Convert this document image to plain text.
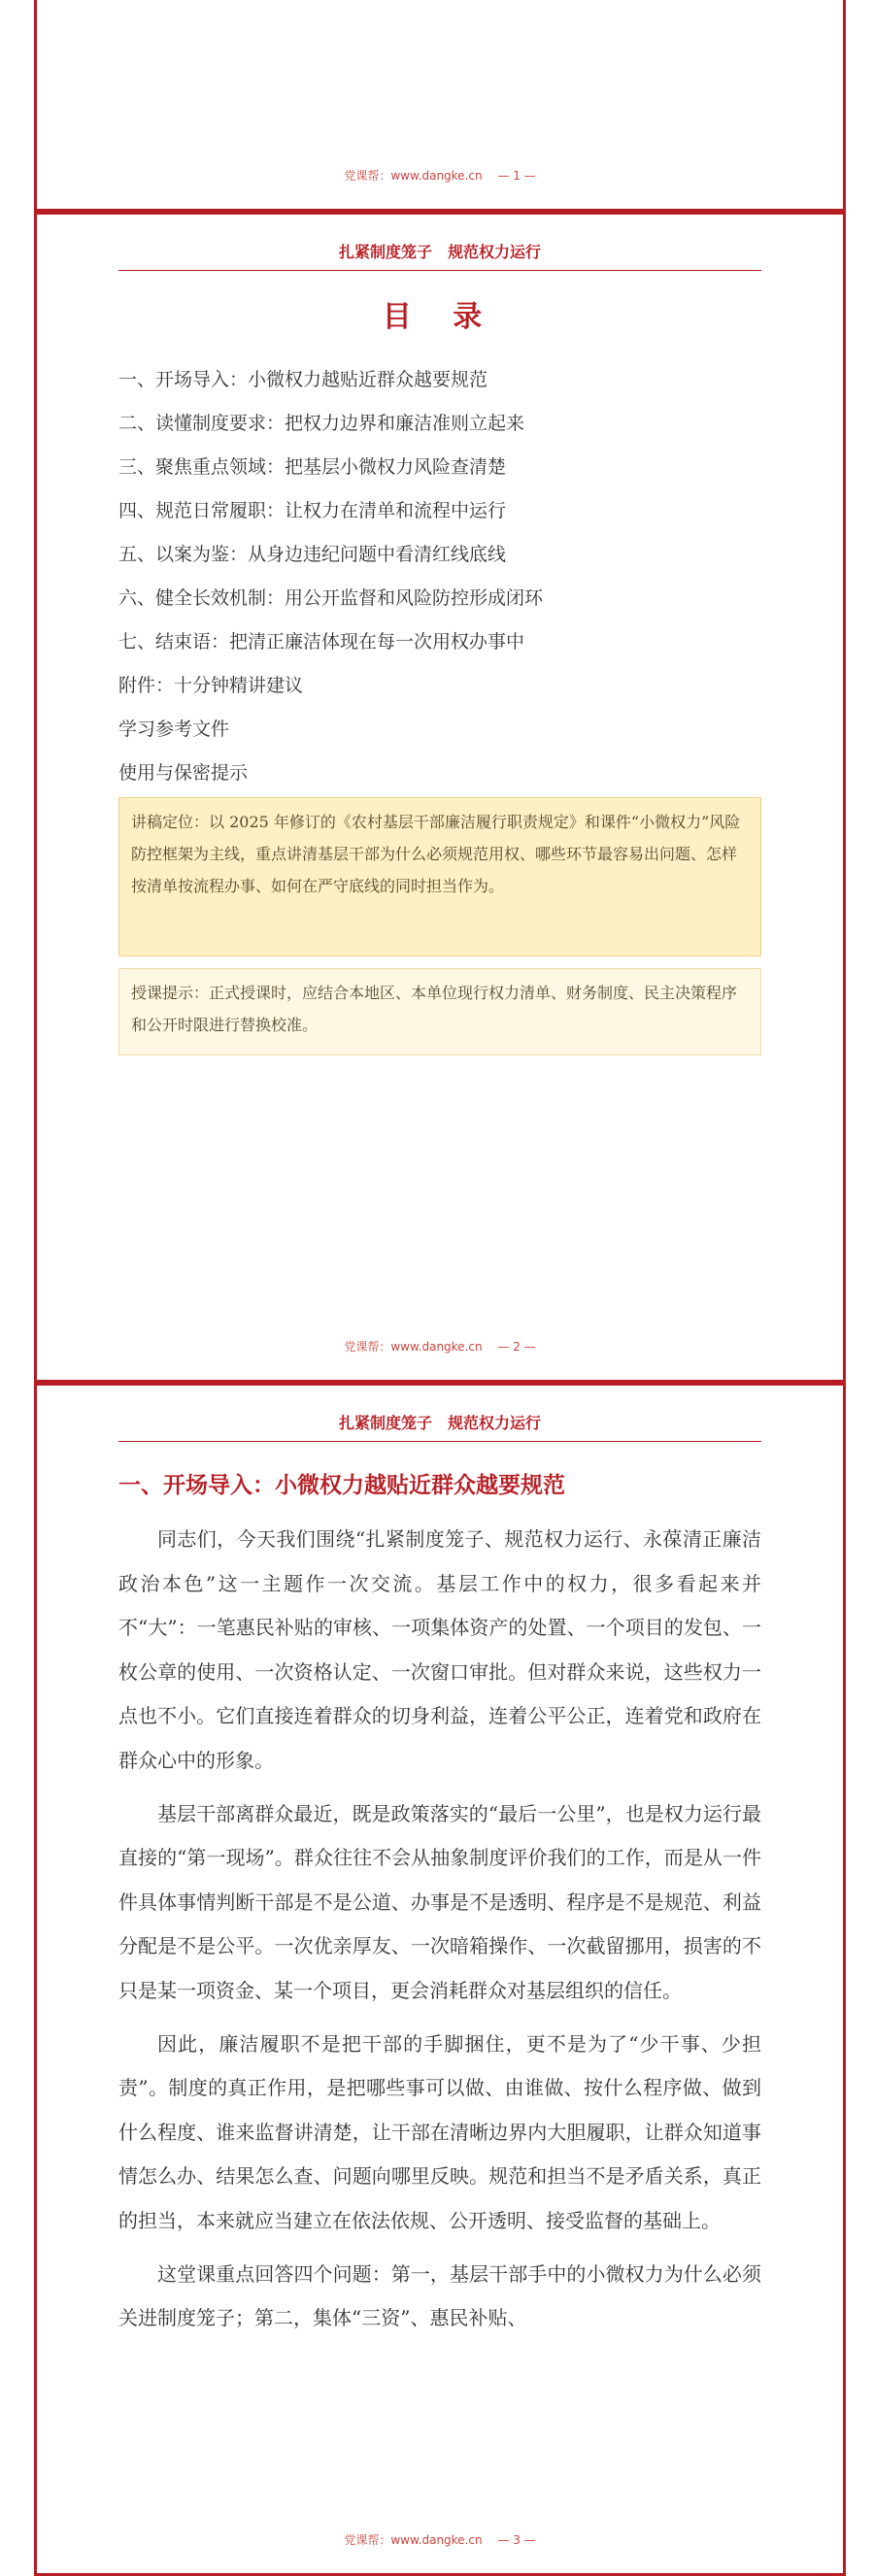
党课帮：www.dangke.cn — 1 —
扎紧制度笼子　规范权力运行
目 录
一、开场导入：小微权力越贴近群众越要规范
二、读懂制度要求：把权力边界和廉洁准则立起来
三、聚焦重点领域：把基层小微权力风险查清楚
四、规范日常履职：让权力在清单和流程中运行
五、以案为鉴：从身边违纪问题中看清红线底线
六、健全长效机制：用公开监督和风险防控形成闭环
七、结束语：把清正廉洁体现在每一次用权办事中
附件：十分钟精讲建议
学习参考文件
使用与保密提示
讲稿定位：以 2025 年修订的《农村基层干部廉洁履行职责规定》和课件“小微权力”风险防控框架为主线，重点讲清基层干部为什么必须规范用权、哪些环节最容易出问题、怎样按清单按流程办事、如何在严守底线的同时担当作为。
授课提示：正式授课时，应结合本地区、本单位现行权力清单、财务制度、民主决策程序和公开时限进行替换校准。
党课帮：www.dangke.cn — 2 —
扎紧制度笼子　规范权力运行
一、开场导入：小微权力越贴近群众越要规范

同志们，今天我们围绕“扎紧制度笼子、规范权力运行、永葆清正廉洁政治本色”这一主题作一次交流。基层工作中的权力，很多看起来并不“大”：一笔惠民补贴的审核、一项集体资产的处置、一个项目的发包、一枚公章的使用、一次资格认定、一次窗口审批。但对群众来说，这些权力一点也不小。它们直接连着群众的切身利益，连着公平公正，连着党和政府在群众心中的形象。

基层干部离群众最近，既是政策落实的“最后一公里”，也是权力运行最直接的“第一现场”。群众往往不会从抽象制度评价我们的工作，而是从一件件具体事情判断干部是不是公道、办事是不是透明、程序是不是规范、利益分配是不是公平。一次优亲厚友、一次暗箱操作、一次截留挪用，损害的不只是某一项资金、某一个项目，更会消耗群众对基层组织的信任。

因此，廉洁履职不是把干部的手脚捆住，更不是为了“少干事、少担责”。制度的真正作用，是把哪些事可以做、由谁做、按什么程序做、做到什么程度、谁来监督讲清楚，让干部在清晰边界内大胆履职，让群众知道事情怎么办、结果怎么查、问题向哪里反映。规范和担当不是矛盾关系，真正的担当，本来就应当建立在依法依规、公开透明、接受监督的基础上。

这堂课重点回答四个问题：第一，基层干部手中的小微权力为什么必须关进制度笼子；第二，集体“三资”、惠民补贴、

党课帮：www.dangke.cn — 3 —
